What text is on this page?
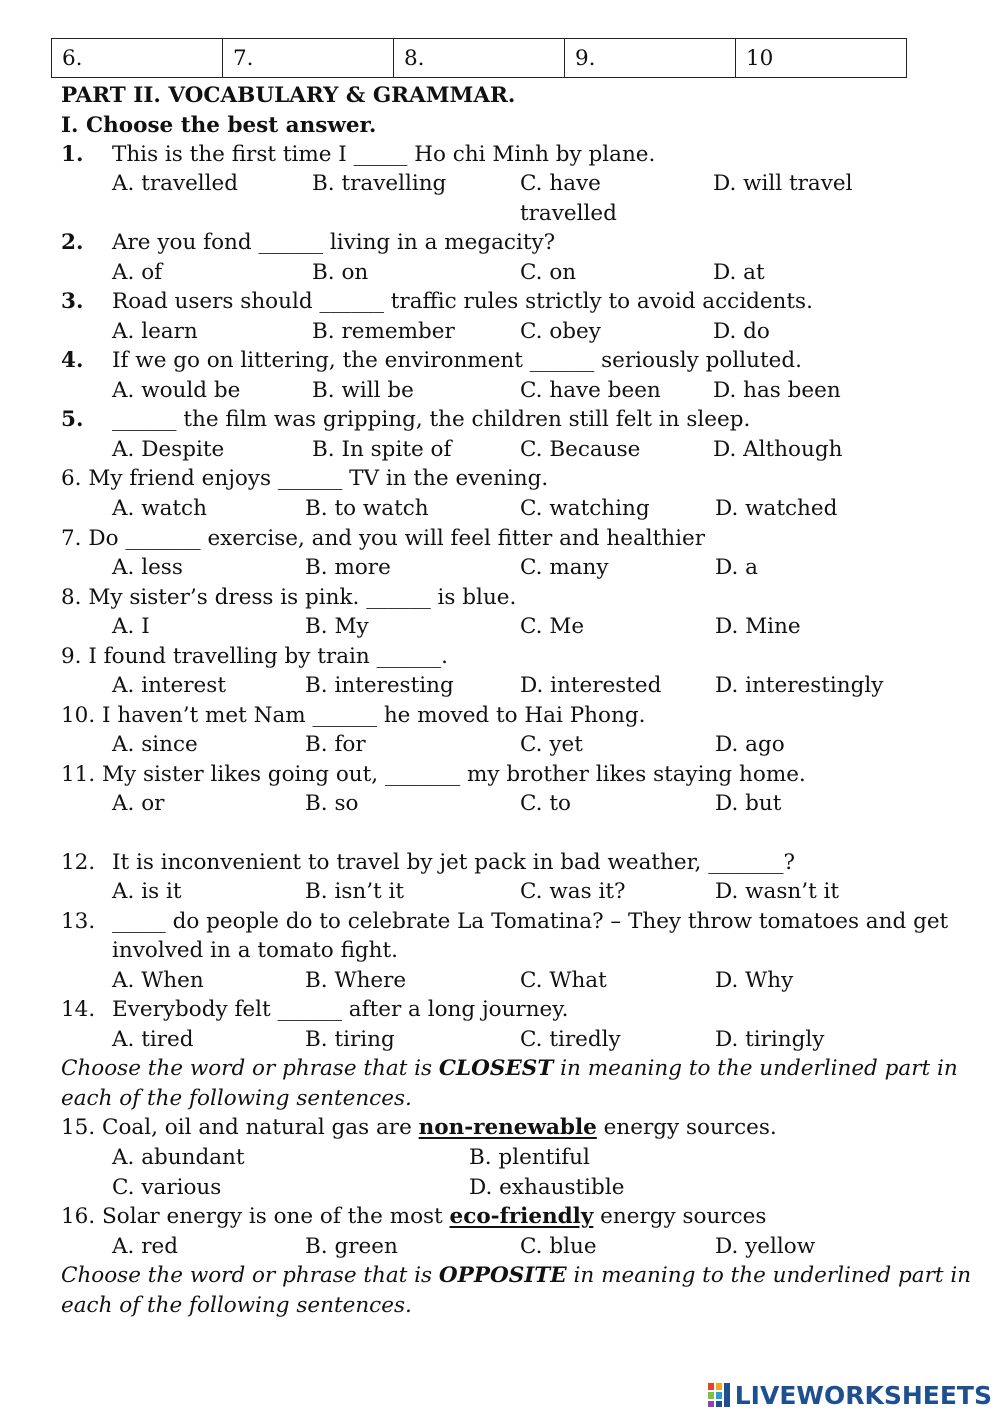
6.	7.	8.	9.	10
PART II. VOCABULARY & GRAMMAR.
I. Choose the best answer.
1. This is the first time I _____ Ho chi Minh by plane.
A. travelled	B. travelling	C. have
travelled
D. will travel
2. Are you fond ______ living in a megacity?
A. of	B. on	C. on	D. at
3. Road users should ______ traffic rules strictly to avoid accidents.
A. learn	B. remember	C. obey	D. do
4. If we go on littering, the environment ______ seriously polluted.
A. would be	B. will be	C. have been D. has been
5. ______ the film was gripping, the children still felt in sleep.
A. Despite	B. In spite of	C. Because	D. Although
6. My friend enjoys ______ TV in the evening.
A. watch	B. to watch	C. watching	D. watched
7. Do _______ exercise, and you will feel fitter and healthier
A. less	B. more	C. many	D. a
8. My sister’s dress is pink. ______ is blue.
A. I	B. My	C. Me	D. Mine
9. I found travelling by train ______.
A. interest	B. interesting	D. interested D. interestingly
10. I haven’t met Nam ______ he moved to Hai Phong.
A. since	B. for	C. yet	D. ago
11. My sister likes going out, _______ my brother likes staying home.
A. or	B. so	C. to	D. but
12. It is inconvenient to travel by jet pack in bad weather, _______?
A. is it	B. isn’t it	C. was it?	D. wasn’t it
13. _____ do people do to celebrate La Tomatina? – They throw tomatoes and get
involved in a tomato fight.
A. When	B. Where	C. What	D. Why
14. Everybody felt ______ after a long journey.
A. tired	B. tiring	C. tiredly	D. tiringly
Choose the word or phrase that is CLOSEST in meaning to the underlined part in
each of the following sentences.
15. Coal, oil and natural gas are non-renewable energy sources.
A. abundant	B. plentiful
C. various	D. exhaustible
16. Solar energy is one of the most eco-friendly energy sources
A. red	B. green	C. blue	D. yellow
Choose the word or phrase that is OPPOSITE in meaning to the underlined part in
each of the following sentences.
LIVEWORKSHEETS
